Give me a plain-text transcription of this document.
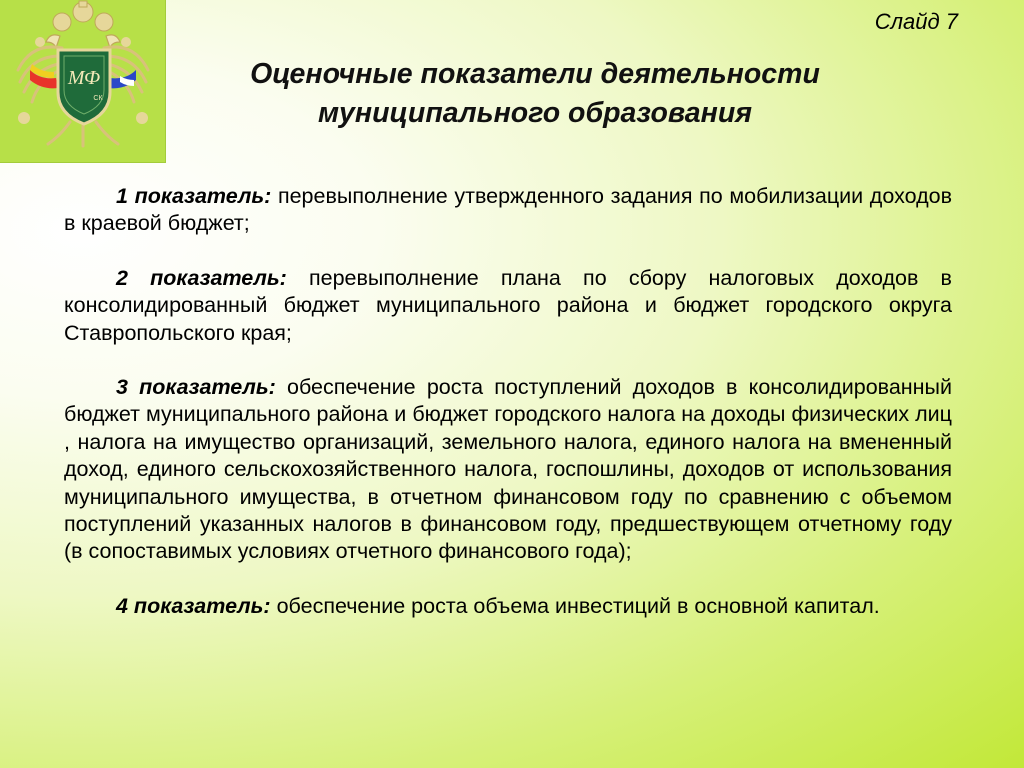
МФ
СК
Слайд 7
Оценочные показатели деятельности
муниципального образования

1 показатель: перевыполнение утвержденного задания по мобилизации доходов в краевой бюджет;

2 показатель: перевыполнение плана по сбору налоговых доходов в консолидированный бюджет муниципального района и бюджет городского округа Ставропольского края;

3 показатель: обеспечение роста поступлений доходов в консолидированный бюджет муниципального района и бюджет городского налога на доходы физических лиц , налога на имущество организаций, земельного налога, единого налога на вмененный доход, единого сельскохозяйственного налога, госпошлины, доходов от использования муниципального имущества, в отчетном финансовом году по сравнению с объемом поступлений указанных налогов в финансовом году, предшествующем отчетному году (в сопоставимых условиях отчетного финансового года);

4 показатель: обеспечение роста объема инвестиций в основной капитал.
